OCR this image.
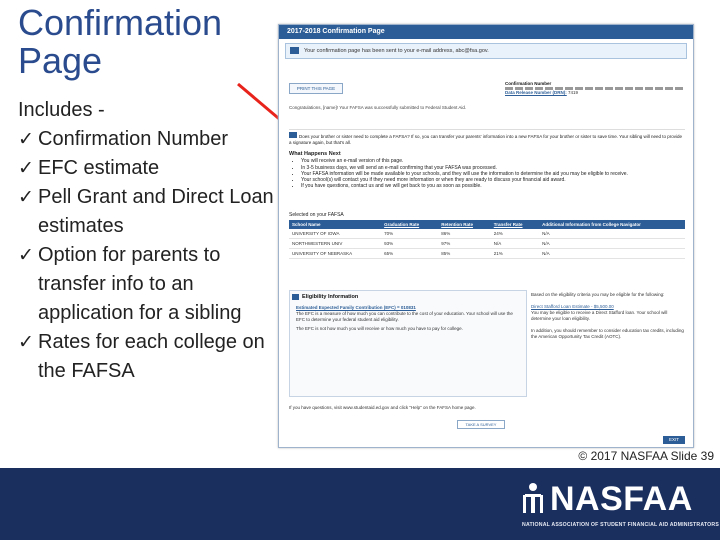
Confirmation
Page
Includes -
✓ Confirmation Number
✓ EFC estimate
✓ Pell Grant and Direct Loan estimates
✓ Option for parents to transfer info to an application for a sibling
✓ Rates for each college on the FAFSA
2017-2018 Confirmation Page
Your confirmation page has been sent to your e-mail address, abc@fsa.gov.
PRINT THIS PAGE
Confirmation Number
Data Release Number (DRN): 7419
Congratulations, [name]! Your FAFSA was successfully submitted to Federal Student Aid.
Does your brother or sister need to complete a FAFSA? If so, you can transfer your parents' information into a new FAFSA for your brother or sister to save time. Your sibling will need to provide a signature again, but that's all.
What Happens Next
• You will receive an e-mail version of this page.
• In 3-5 business days, we will send an e-mail confirming that your FAFSA was processed.
• Your FAFSA information will be made available to your schools, and they will use the information to determine the aid you may be eligible to receive.
• Your school(s) will contact you if they need more information or when they are ready to discuss your financial aid award.
• If you have questions, contact us and we will get back to you as soon as possible.
Selected on your FAFSA
School Name	Graduation Rate	Retention Rate	Transfer Rate	Additional Information from College Navigator
UNIVERSITY OF IOWA	70%	86%	24%	N/A
NORTHWESTERN UNIV	93%	97%	N/A	N/A
UNIVERSITY OF NEBRASKA	65%	85%	21%	N/A
Eligibility Information
Estimated Expected Family Contribution (EFC) = 010831
The EFC is a measure of how much you can contribute to the cost of your education. Your school will use the EFC to determine your federal student aid eligibility.
The EFC is not how much you will receive or how much you have to pay for college.
Based on the eligibility criteria you may be eligible for the following:
Direct Stafford Loan Estimate - $5,500.00
You may be eligible to receive a Direct Stafford loan. Your school will determine your loan eligibility.
In addition, you should remember to consider education tax credits, including the American Opportunity Tax Credit (AOTC).
If you have questions, visit www.studentaid.ed.gov and click "Help" on the FAFSA home page.
TAKE A SURVEY
EXIT
© 2017 NASFAA Slide 39
NASFAA
NATIONAL ASSOCIATION OF STUDENT FINANCIAL AID ADMINISTRATORS
